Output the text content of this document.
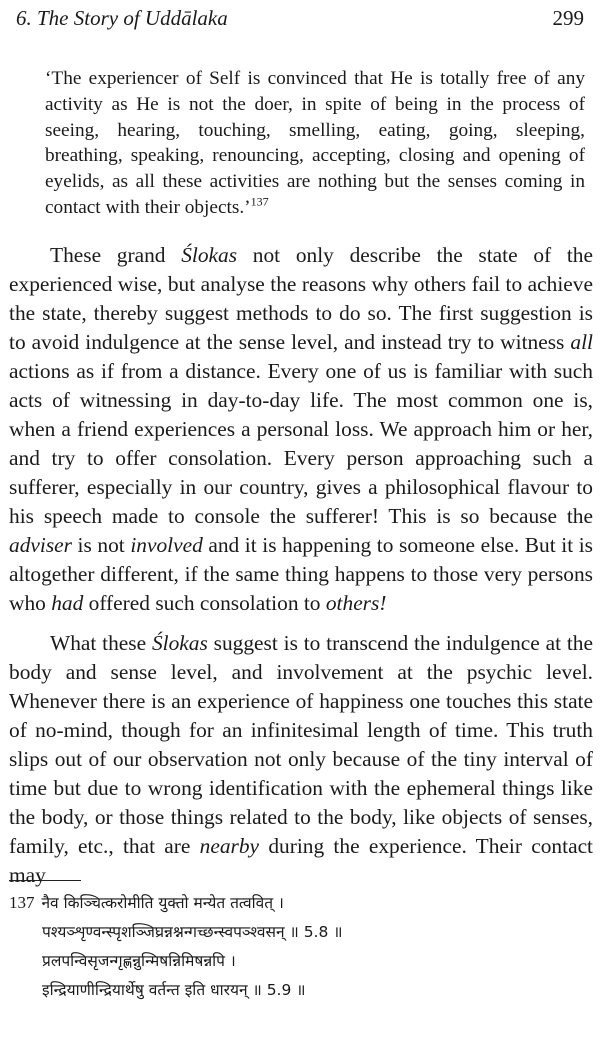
6. The Story of Uddālaka	299

‘The experiencer of Self is convinced that He is totally free of any activity as He is not the doer, in spite of being in the process of seeing, hearing, touching, smelling, eating, going, sleeping, breathing, speaking, renouncing, accepting, closing and opening of eyelids, as all these activities are nothing but the senses coming in contact with their objects.’$^{137}$

These grand Ślokas not only describe the state of the experienced wise, but analyse the reasons why others fail to achieve the state, thereby suggest methods to do so. The first suggestion is to avoid indulgence at the sense level, and instead try to witness all actions as if from a distance. Every one of us is familiar with such acts of witnessing in day-to-day life. The most common one is, when a friend experiences a personal loss. We approach him or her, and try to offer consolation. Every person approaching such a sufferer, especially in our country, gives a philosophical flavour to his speech made to console the sufferer! This is so because the adviser is not involved and it is happening to someone else. But it is altogether different, if the same thing happens to those very persons who had offered such consolation to others!

What these Ślokas suggest is to transcend the indulgence at the body and sense level, and involvement at the psychic level. Whenever there is an experience of happiness one touches this state of no-mind, though for an infinitesimal length of time. This truth slips out of our observation not only because of the tiny interval of time but due to wrong identification with the ephemeral things like the body, or those things related to the body, like objects of senses, family, etc., that are nearby during the experience. Their contact may

137 नैव किञ्चित्करोमीति युक्तो मन्येत तत्ववित् ।
पश्यञ्शृण्वन्स्पृशञ्जिघ्रन्नश्नन्गच्छन्स्वपञ्श्वसन् ॥ 5.8 ॥
प्रलपन्विसृजन्गृह्णन्नुन्मिषन्निमिषन्नपि ।
इन्द्रियाणीन्द्रियार्थेषु वर्तन्त इति धारयन् ॥ 5.9 ॥
